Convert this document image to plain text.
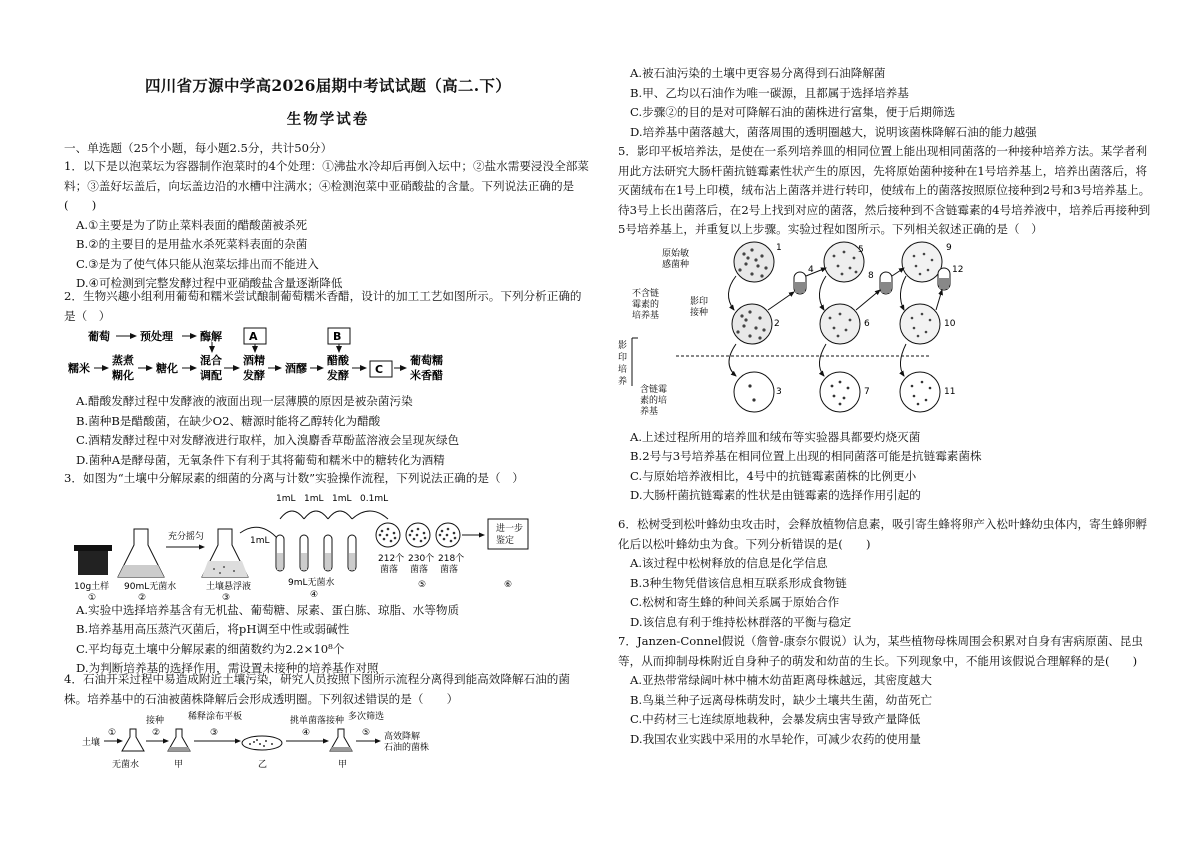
四川省万源中学高2026届期中考试试题（高二.下）
生物学试卷
一、单选题（25个小题，每小题2.5分，共计50分）

1．以下是以泡菜坛为容器制作泡菜时的4个处理：①沸盐水冷却后再倒入坛中；②盐水需要浸没全部菜料；③盖好坛盖后，向坛盖边沿的水槽中注满水；④检测泡菜中亚硝酸盐的含量。下列说法正确的是(　　)

A.①主要是为了防止菜料表面的醋酸菌被杀死

B.②的主要目的是用盐水杀死菜料表面的杂菌

C.③是为了使气体只能从泡菜坛排出而不能进入

D.④可检测到完整发酵过程中亚硝酸盐含量逐渐降低

2．生物兴趣小组利用葡萄和糯米尝试酿制葡萄糯米香醋，设计的加工工艺如图所示。下列分析正确的是（　）

葡萄	预处理 酶解 A	B
糯米
蒸煮
糊化
糖化
混合
调配
酒精
发酵
酒醪
醋酸
发酵 C
葡萄糯
米香醋

A.醋酸发酵过程中发酵液的液面出现一层薄膜的原因是被杂菌污染

B.菌种B是醋酸菌，在缺少O2、糖源时能将乙醇转化为醋酸

C.酒精发酵过程中对发酵液进行取样，加入溴麝香草酚蓝溶液会呈现灰绿色

D.菌种A是酵母菌，无氧条件下有利于其将葡萄和糯米中的糖转化为酒精

3．如图为“土壤中分解尿素的细菌的分离与计数”实验操作流程，下列说法正确的是（　）

10g土样
①
90mL无菌水
②
充分摇匀
土壤悬浮液
③
1mL
1mL 1mL 1mL 0.1mL
9mL无菌水
④
212个 230个 218个
菌落 菌落 菌落
⑤
进一步
鉴定
⑥

A.实验中选择培养基含有无机盐、葡萄糖、尿素、蛋白胨、琼脂、水等物质

B.培养基用高压蒸汽灭菌后，将pH调至中性或弱碱性

C.平均每克土壤中分解尿素的细菌数约为2.2×10⁸个

D.为判断培养基的选择作用，需设置未接种的培养基作对照

4．石油开采过程中易造成附近土壤污染，研究人员按照下图所示流程分离得到能高效降解石油的菌株。培养基中的石油被菌株降解后会形成透明圈。下列叙述错误的是（　　）

土壤
①
无菌水
接种
②
甲
稀释涂布平板
③
乙
挑单菌落接种
④
甲
多次筛选
⑤ 高效降解
石油的菌株

A.被石油污染的土壤中更容易分离得到石油降解菌

B.甲、乙均以石油作为唯一碳源，且都属于选择培养基

C.步骤②的目的是对可降解石油的菌株进行富集，便于后期筛选

D.培养基中菌落越大，菌落周围的透明圈越大，说明该菌株降解石油的能力越强

5．影印平板培养法，是使在一系列培养皿的相同位置上能出现相同菌落的一种接种培养方法。某学者利用此方法研究大肠杆菌抗链霉素性状产生的原因，先将原始菌种接种在1号培养基上，培养出菌落后，将灭菌绒布在1号上印模，绒布沾上菌落并进行转印，使绒布上的菌落按照原位接种到2号和3号培养基上。待3号上长出菌落后，在2号上找到对应的菌落，然后接种到不含链霉素的4号培养液中，培养后再接种到5号培养基上，并重复以上步骤。实验过程如图所示。下列相关叙述正确的是（　）

原始敏
感菌种
不含链
霉素的
培养基
影印
接种
影
印
培
养
含链霉
素的培
养基
1
2
3
4
5
6
7
8
9
10
11
12

A.上述过程所用的培养皿和绒布等实验器具都要灼烧灭菌

B.2号与3号培养基在相同位置上出现的相同菌落可能是抗链霉素菌株

C.与原始培养液相比，4号中的抗链霉素菌株的比例更小

D.大肠杆菌抗链霉素的性状是由链霉素的选择作用引起的

6．松树受到松叶蜂幼虫攻击时，会释放植物信息素，吸引寄生蜂将卵产入松叶蜂幼虫体内，寄生蜂卵孵化后以松叶蜂幼虫为食。下列分析错误的是(　　)

A.该过程中松树释放的信息是化学信息

B.3种生物凭借该信息相互联系形成食物链

C.松树和寄生蜂的种间关系属于原始合作

D.该信息有利于维持松林群落的平衡与稳定

7．Janzen-Connel假说（詹曾-康奈尔假说）认为，某些植物母株周围会积累对自身有害病原菌、昆虫等，从而抑制母株附近自身种子的萌发和幼苗的生长。下列现象中，不能用该假说合理解释的是(　　)

A.亚热带常绿阔叶林中楠木幼苗距离母株越远，其密度越大

B.鸟巢兰种子远离母株萌发时，缺少土壤共生菌，幼苗死亡

C.中药材三七连续原地栽种，会暴发病虫害导致产量降低

D.我国农业实践中采用的水旱轮作，可减少农药的使用量
